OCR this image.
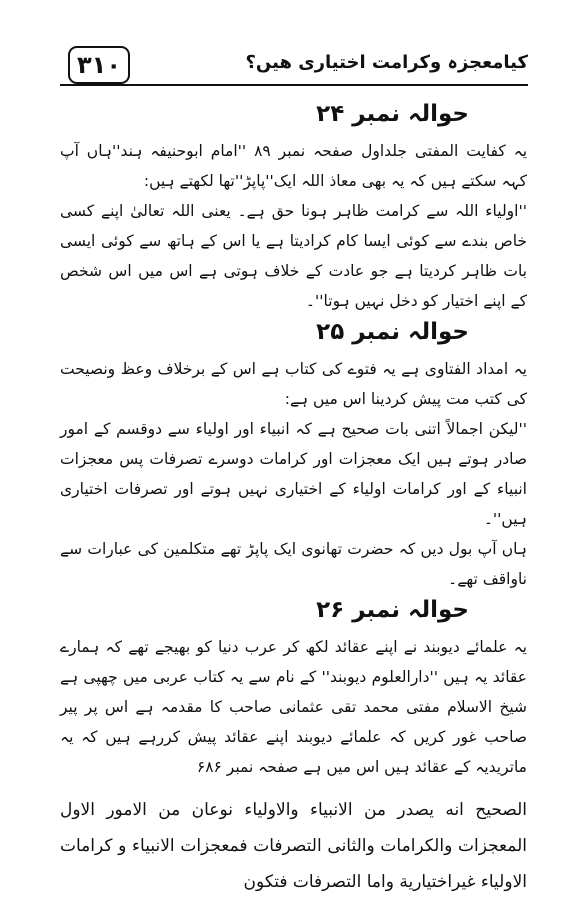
۳۱۰	کیامعجزہ وکرامت اختیاری ھیں؟
حوالہ نمبر ۲۴

یہ کفایت المفتی جلداول صفحہ نمبر ۸۹ ''امام ابوحنیفہ ہند''ہاں آپ کہہ سکتے ہیں کہ یہ بھی معاذ اللہ ایک''پاپڑ''تھا لکھتے ہیں:

''اولیاء اللہ سے کرامت ظاہر ہونا حق ہے۔ یعنی اللہ تعالیٰ اپنے کسی خاص بندے سے کوئی ایسا کام کرادیتا ہے یا اس کے ہاتھ سے کوئی ایسی بات ظاہر کردیتا ہے جو عادت کے خلاف ہوتی ہے اس میں اس شخص کے اپنے اختیار کو دخل نہیں ہوتا''۔

حوالہ نمبر ۲۵

یہ امداد الفتاوی ہے یہ فتوے کی کتاب ہے اس کے برخلاف وعظ ونصیحت کی کتب مت پیش کردینا اس میں ہے:

''لیکن اجمالاً اتنی بات صحیح ہے کہ انبیاء اور اولیاء سے دوقسم کے امور صادر ہوتے ہیں ایک معجزات اور کرامات دوسرے تصرفات پس معجزات انبیاء کے اور کرامات اولیاء کے اختیاری نہیں ہوتے اور تصرفات اختیاری ہیں''۔

ہاں آپ بول دیں کہ حضرت تھانوی ایک پاپڑ تھے متکلمین کی عبارات سے ناواقف تھے۔

حوالہ نمبر ۲۶

یہ علمائے دیوبند نے اپنے عقائد لکھ کر عرب دنیا کو بھیجے تھے کہ ہمارے عقائد یہ ہیں ''دارالعلوم دیوبند'' کے نام سے یہ کتاب عربی میں چھپی ہے شیخ الاسلام مفتی محمد تقی عثمانی صاحب کا مقدمہ ہے اس پر پیر صاحب غور کریں کہ علمائے دیوبند اپنے عقائد پیش کررہے ہیں کہ یہ ماتریدیہ کے عقائد ہیں اس میں ہے صفحہ نمبر ۶۸۶

الصحیح انه یصدر من الانبیاء والاولیاء نوعان من الامور الاول المعجزات والکرامات والثانی التصرفات فمعجزات الانبیاء و کرامات الاولیاء غیراختیاریة واما التصرفات فتکون
